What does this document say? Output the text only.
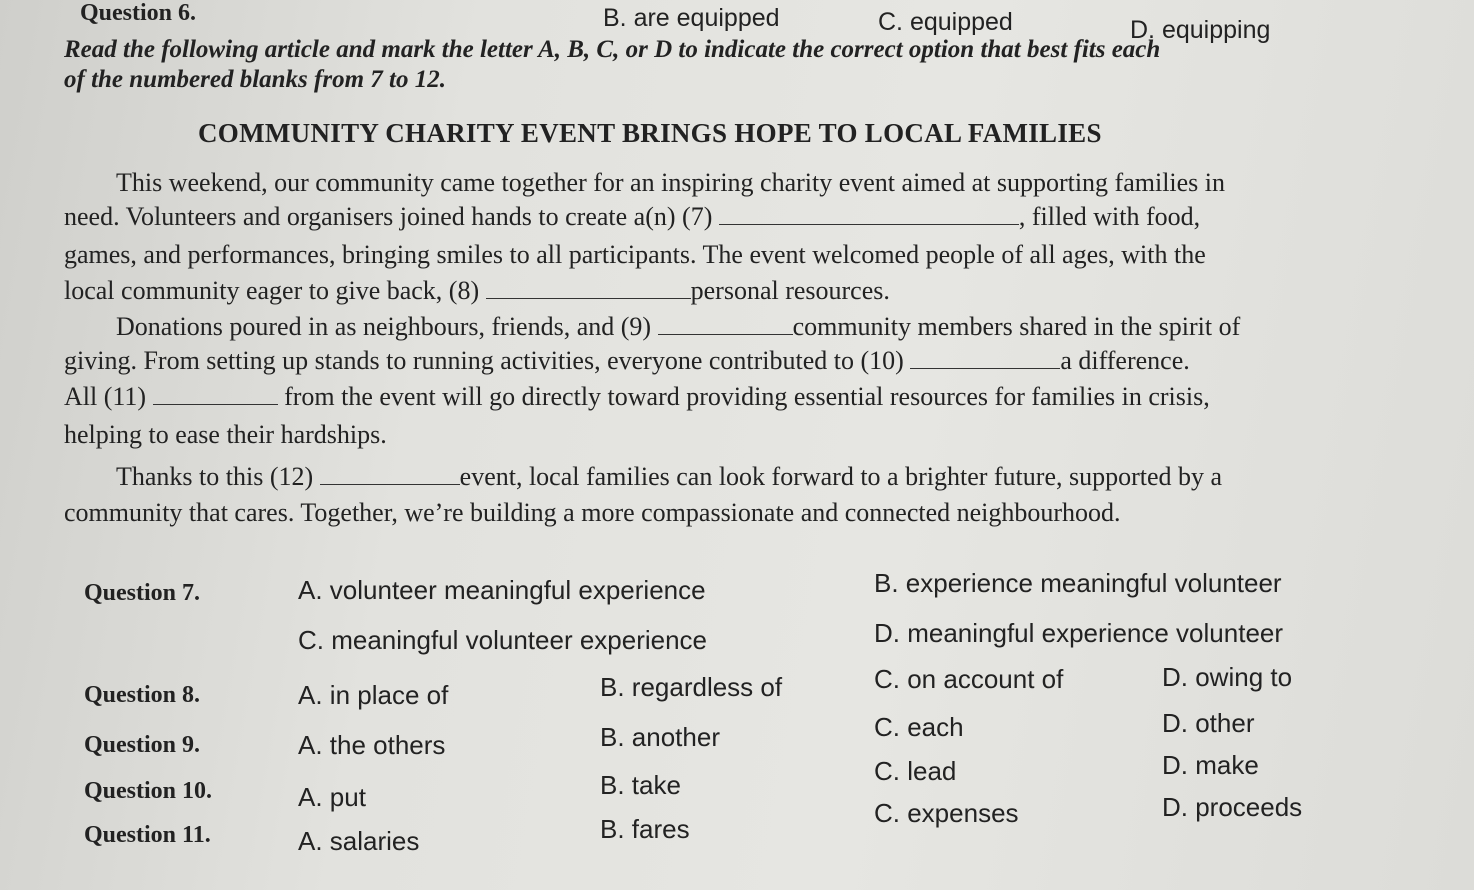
Question 6.	B. are equipped	C. equipped	D. equipping
Read the following article and mark the letter A, B, C, or D to indicate the correct option that best fits each
of the numbered blanks from 7 to 12.
COMMUNITY CHARITY EVENT BRINGS HOPE TO LOCAL FAMILIES
This weekend, our community came together for an inspiring charity event aimed at supporting families in
need. Volunteers and organisers joined hands to create a(n) (7)	, filled with food,
games, and performances, bringing smiles to all participants. The event welcomed people of all ages, with the
local community eager to give back, (8)	personal resources.
Donations poured in as neighbours, friends, and (9)	community members shared in the spirit of
giving. From setting up stands to running activities, everyone contributed to (10)	a difference.
All (11)	from the event will go directly toward providing essential resources for families in crisis,
helping to ease their hardships.
Thanks to this (12)	event, local families can look forward to a brighter future, supported by a
community that cares. Together, we’re building a more compassionate and connected neighbourhood.
Question 7.	A. volunteer meaningful experience	B. experience meaningful volunteer
C. meaningful volunteer experience	D. meaningful experience volunteer
Question 8.	A. in place of	B. regardless of	C. on account of	D. owing to
Question 9.	A. the others	B. another	C. each	D. other
Question 10.	A. put	B. take	C. lead	D. make
Question 11.	A. salaries	B. fares
C. expenses	D. proceeds
